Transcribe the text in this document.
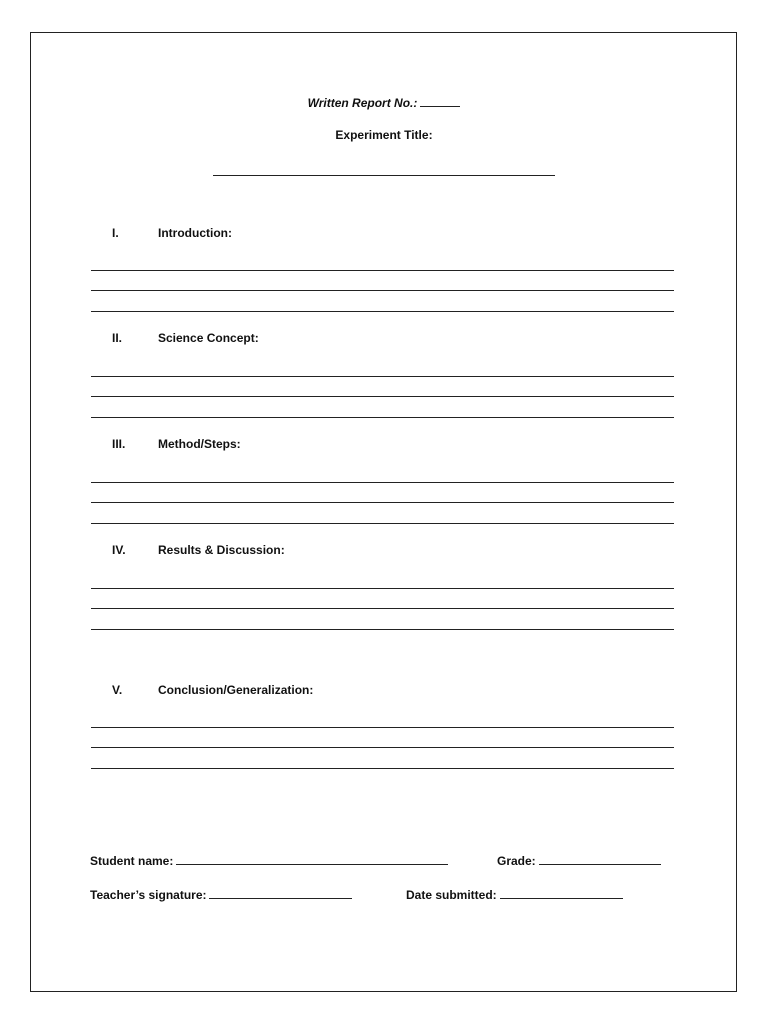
Written Report No.:
Experiment Title:
I.	Introduction:
II.	Science Concept:
III.	Method/Steps:
IV.	Results & Discussion:
V.	Conclusion/Generalization:
Student name:	Grade:
Teacher’s signature:	Date submitted:
